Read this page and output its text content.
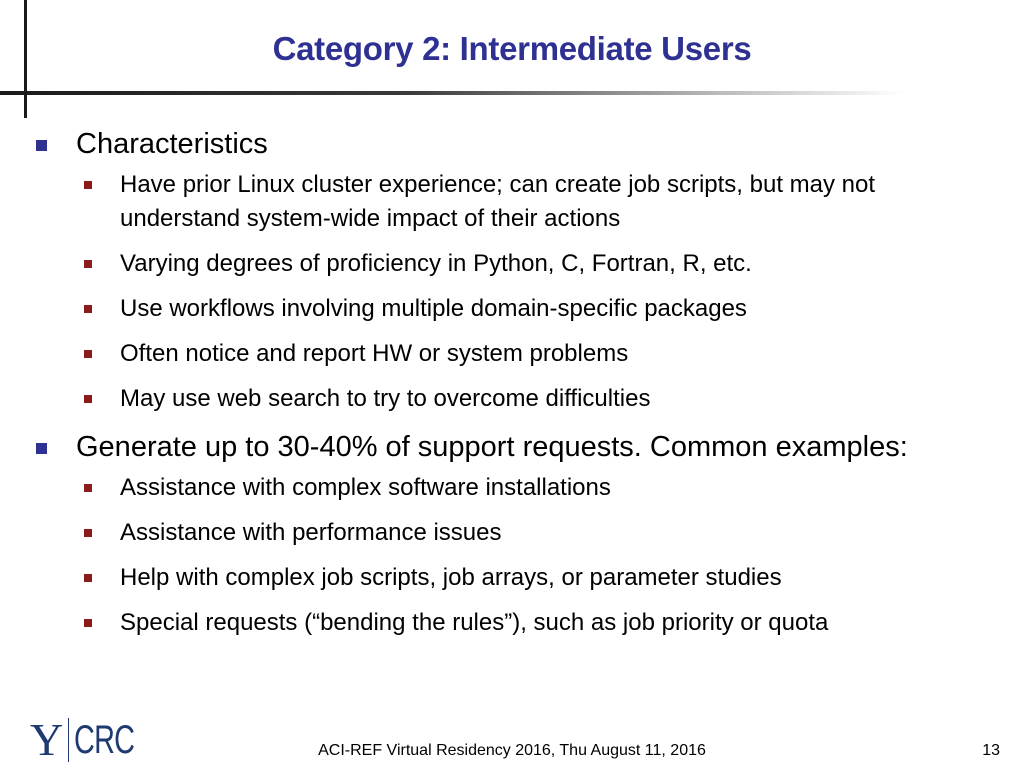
Category 2: Intermediate Users
Characteristics
Have prior Linux cluster experience; can create job scripts, but may not understand system-wide impact of their actions
Varying degrees of proficiency in Python, C, Fortran, R, etc.
Use workflows involving multiple domain-specific packages
Often notice and report HW or system problems
May use web search to try to overcome difficulties
Generate up to 30-40% of support requests. Common examples:
Assistance with complex software installations
Assistance with performance issues
Help with complex job scripts, job arrays, or parameter studies
Special requests (“bending the rules”), such as job priority or quota
Y CRC	ACI-REF Virtual Residency 2016, Thu August 11, 2016	13
